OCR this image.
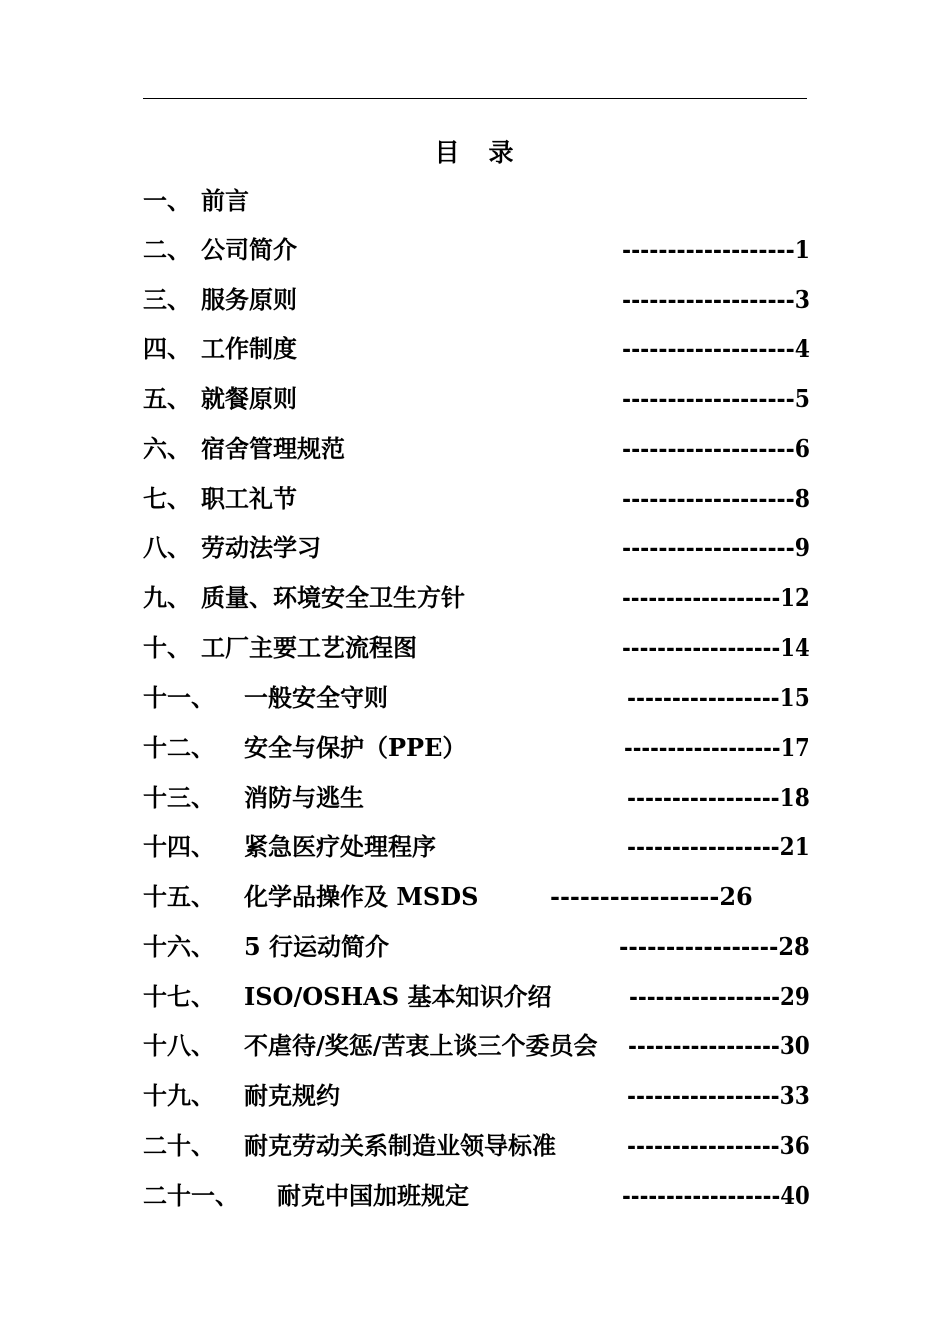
目　录
一、 前言
二、 公司简介	-------------------1
三、 服务原则	-------------------3
四、 工作制度	-------------------4
五、 就餐原则	-------------------5
六、 宿舍管理规范	-------------------6
七、 职工礼节	-------------------8
八、 劳动法学习	-------------------9
九、 质量、环境安全卫生方针	------------------12
十、 工厂主要工艺流程图	------------------14
十一、 一般安全守则	-----------------15
十二、 安全与保护（PPE）	------------------17
十三、 消防与逃生	-----------------18
十四、 紧急医疗处理程序	-----------------21
十五、 化学品操作及 MSDS	-----------------26
十六、 5 行运动简介	-----------------28
十七、 ISO/OSHAS 基本知识介绍	-----------------29
十八、 不虐待/奖惩/苦衷上谈三个委员会 -----------------30
十九、 耐克规约	-----------------33
二十、 耐克劳动关系制造业领导标准	-----------------36
二十一、 耐克中国加班规定	------------------40
